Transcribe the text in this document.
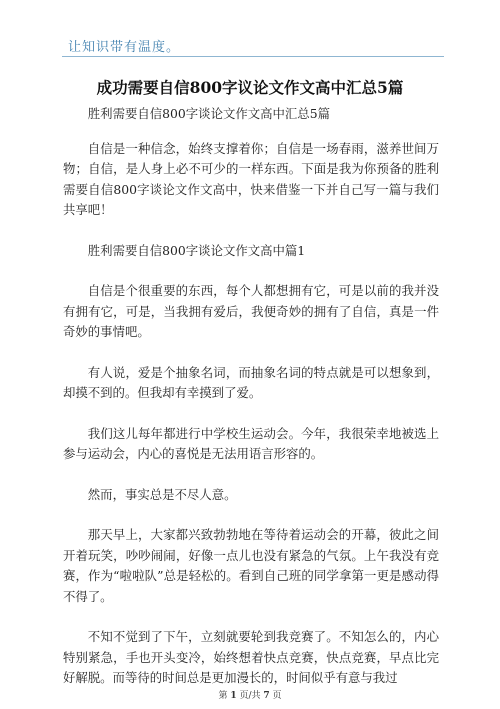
让知识带有温度。
成功需要自信800字议论文作文高中汇总5篇

胜利需要自信800字谈论文作文高中汇总5篇

自信是一种信念，始终支撑着你；自信是一场春雨，滋养世间万物；自信，是人身上必不可少的一样东西。下面是我为你预备的胜利需要自信800字谈论文作文高中，快来借鉴一下并自己写一篇与我们共享吧！

胜利需要自信800字谈论文作文高中篇1

自信是个很重要的东西，每个人都想拥有它，可是以前的我并没有拥有它，可是，当我拥有爱后，我便奇妙的拥有了自信，真是一件奇妙的事情吧。

有人说，爱是个抽象名词，而抽象名词的特点就是可以想象到，却摸不到的。但我却有幸摸到了爱。

我们这儿每年都进行中学校生运动会。今年，我很荣幸地被选上参与运动会，内心的喜悦是无法用语言形容的。

然而，事实总是不尽人意。

那天早上，大家都兴致勃勃地在等待着运动会的开幕，彼此之间开着玩笑，吵吵闹闹，好像一点儿也没有紧急的气氛。上午我没有竞赛，作为“啦啦队”总是轻松的。看到自己班的同学拿第一更是感动得不得了。

不知不觉到了下午，立刻就要轮到我竞赛了。不知怎么的，内心特别紧急，手也开头变冷，始终想着快点竞赛，快点竞赛，早点比完好解脱。而等待的时间总是更加漫长的，时间似乎有意与我过

第 1 页/共 7 页
